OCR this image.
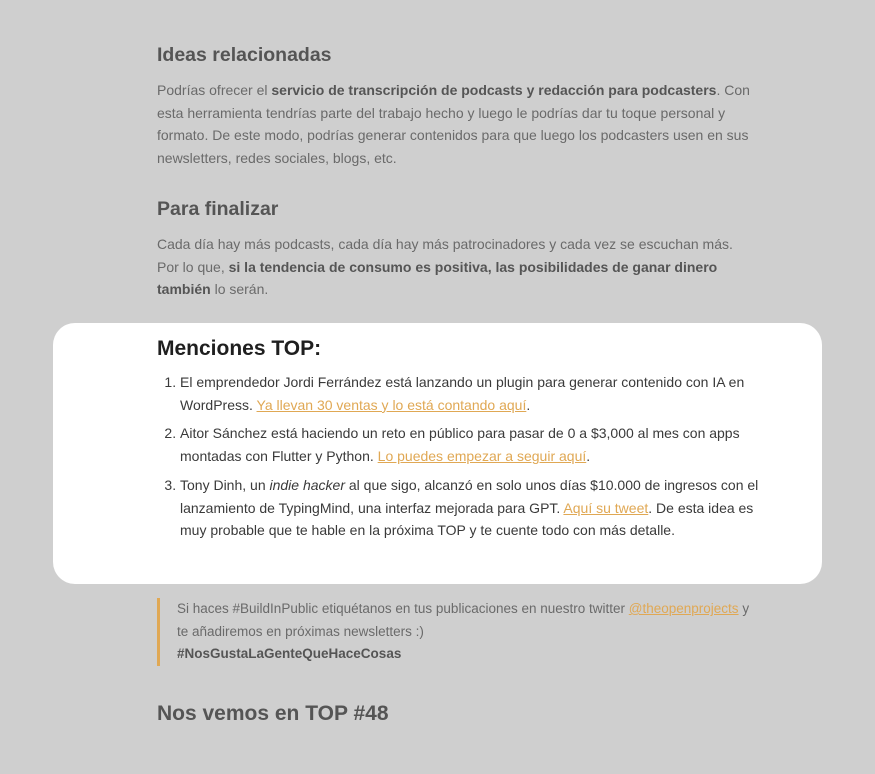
Ideas relacionadas

Podrías ofrecer el servicio de transcripción de podcasts y redacción para podcasters. Con esta herramienta tendrías parte del trabajo hecho y luego le podrías dar tu toque personal y formato. De este modo, podrías generar contenidos para que luego los podcasters usen en sus newsletters, redes sociales, blogs, etc.

Para finalizar

Cada día hay más podcasts, cada día hay más patrocinadores y cada vez se escuchan más. Por lo que, si la tendencia de consumo es positiva, las posibilidades de ganar dinero también lo serán.

Menciones TOP:
1. El emprendedor Jordi Ferrández está lanzando un plugin para generar contenido con IA en WordPress. Ya llevan 30 ventas y lo está contando aquí.
2. Aitor Sánchez está haciendo un reto en público para pasar de 0 a $3,000 al mes con apps montadas con Flutter y Python. Lo puedes empezar a seguir aquí.
3. Tony Dinh, un indie hacker al que sigo, alcanzó en solo unos días $10.000 de ingresos con el lanzamiento de TypingMind, una interfaz mejorada para GPT. Aquí su tweet. De esta idea es muy probable que te hable en la próxima TOP y te cuente todo con más detalle.
Si haces #BuildInPublic etiquétanos en tus publicaciones en nuestro twitter @theopenprojects y te añadiremos en próximas newsletters :)
#NosGustaLaGenteQueHaceCosas
Nos vemos en TOP #48
